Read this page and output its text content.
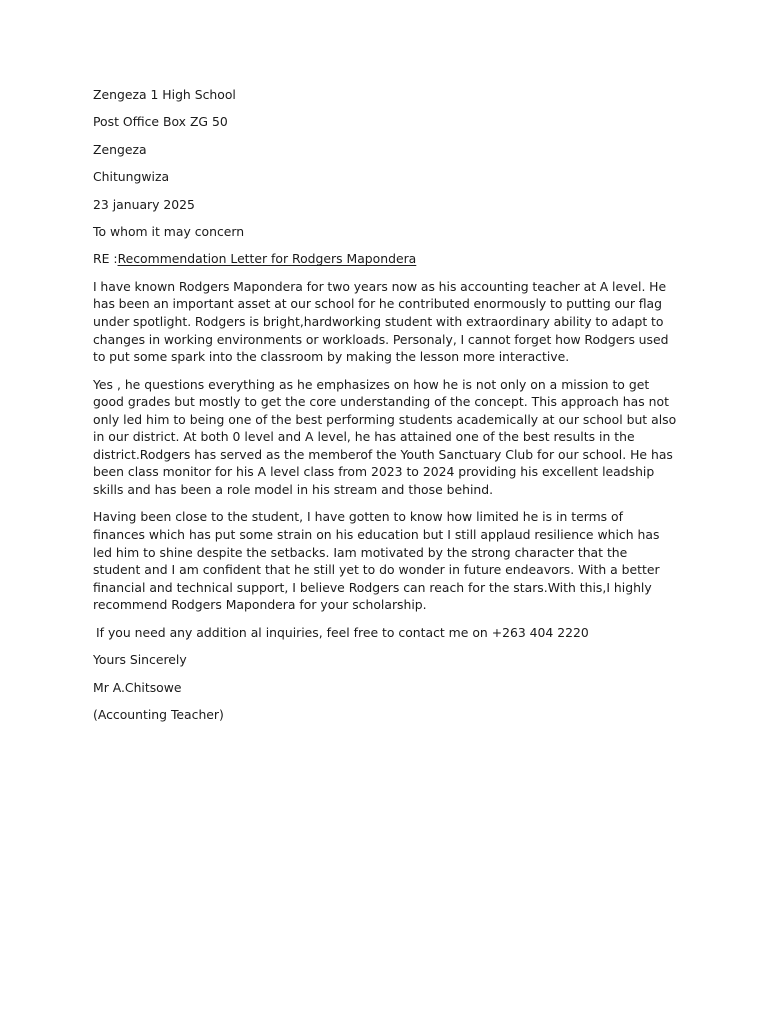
Zengeza 1 High School
Post Office Box ZG 50
Zengeza
Chitungwiza
23 january 2025
To whom it may concern
RE :Recommendation Letter for Rodgers Mapondera
I have known Rodgers Mapondera for two years now as his accounting teacher at A level. He has been an important asset at our school for he contributed enormously to putting our flag under spotlight. Rodgers is bright,hardworking student with extraordinary ability to adapt to changes in working environments or workloads. Personaly, I cannot forget how Rodgers used to put some spark into the classroom by making the lesson more interactive.
Yes , he questions everything as he emphasizes on how he is not only on a mission to get good grades but mostly to get the core understanding of the concept. This approach has not only led him to being one of the best performing students academically at our school but also in our district. At both 0 level and A level, he has attained one of the best results in the district.Rodgers has served as the memberof the Youth Sanctuary Club for our school. He has been class monitor for his A level class from 2023 to 2024 providing his excellent leadship skills and has been a role model in his stream and those behind.
Having been close to the student, I have gotten to know how limited he is in terms of finances which has put some strain on his education but I still applaud resilience which has led him to shine despite the setbacks. Iam motivated by the strong character that the student and I am confident that he still yet to do wonder in future endeavors. With a better financial and technical support, I believe Rodgers can reach for the stars.With this,I highly recommend Rodgers Mapondera for your scholarship.
If you need any addition al inquiries, feel free to contact me on +263 404 2220
Yours Sincerely
Mr A.Chitsowe
(Accounting Teacher)
